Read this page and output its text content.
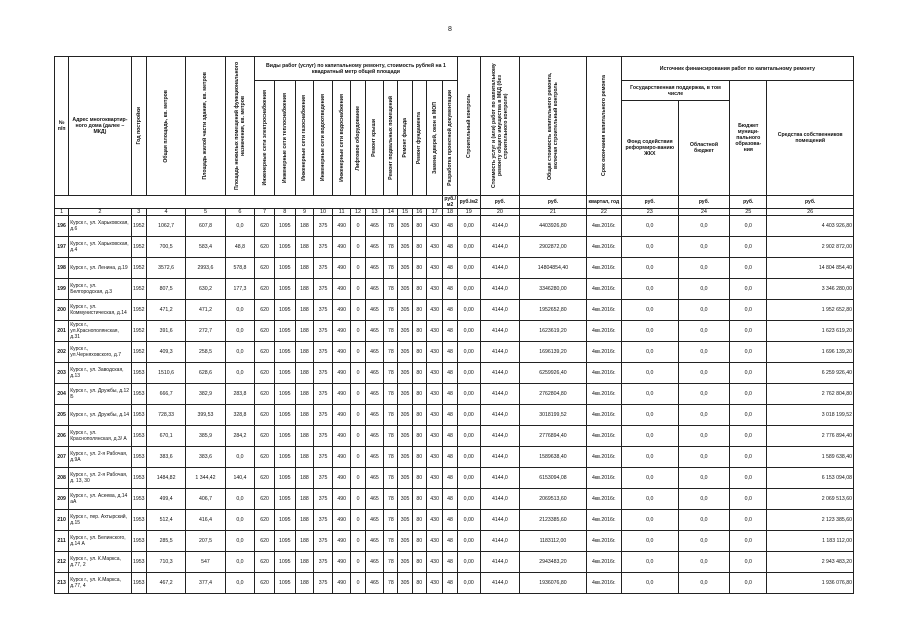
8
№ п/п	Адрес многоквартир-ного дома (далее – МКД)	Год постройки	Общая площадь, кв. метров	Площадь жилой части здания, кв. метров	Площадь нежилых помещений функционального назначения, кв. метров	Виды работ (услуг) по капитальному ремонту, стоимость рублей на 1 квадратный метр общей площади												Строительный контроль	Стоимость услуг и (или) работ по капитальному ремонту общего имущества в МКД (без строительного контроля)	Общая стоимость капитального ремонта, включая строительный контроль	Срок окончания капитального ремонта	Источник финансирования работ по капитальному ремонту			

						Инженерные сети электроснабжения	Инженерные сети теплоснабжения	Инженерные сети газоснабжения	Инженерные сети водоотведения	Инженерные сети водоснабжения	Лифтовое оборудование	Ремонт крыши	Ремонт подвальных помещений	Ремонт фасада	Ремонт фундамента	Замена дверей, окон в МОП	Разработка проектной документации					Государственная поддержка, в том числе		Бюджет муници-пального образова-ния	Средства собственников помещений
																						Фонд содействия реформиро-ванию ЖКХ	Областной бюджет		
																	руб./м2	руб./м2	руб.	руб.	квартал, год	руб.	руб.	руб.	руб.
1	2	3	4	5	6	7	8	9	10	11	12	13	14	15	16	17	18	19	20	21	22	23	24	25	26
196	Курск г., ул. Харьковская, д.6	1952	1062,7	607,8	0,0	620	1095	188	375	490	0	465	78	305	80	430	48	0,00	4144,0	4403926,80	4кв.2016г.	0,0	0,0	0,0	4 403 926,80
197	Курск г., ул. Харьковская, д.4	1952	700,5	583,4	48,8	620	1095	188	375	490	0	465	78	305	80	430	48	0,00	4144,0	2902872,00	4кв.2016г.	0,0	0,0	0,0	2 902 872,00
198	Курск г., ул. Ленина, д.19	1952	3572,6	2993,6	578,8	620	1095	188	375	490	0	465	78	305	80	430	48	0,00	4144,0	14804854,40	4кв.2016г.	0,0	0,0	0,0	14 804 854,40
199	Курск г., ул. Белгородская, д.3	1952	807,5	630,2	177,3	620	1095	188	375	490	0	465	78	305	80	430	48	0,00	4144,0	3346280,00	4кв.2016г.	0,0	0,0	0,0	3 346 280,00
200	Курск г., ул. Коммунистическая, д.14	1952	471,2	471,2	0,0	620	1095	188	375	490	0	465	78	305	80	430	48	0,00	4144,0	1952652,80	4кв.2016г.	0,0	0,0	0,0	1 952 652,80
201	Курск г., ул.Краснополянская, д.31	1952	391,6	272,7	0,0	620	1095	188	375	490	0	465	78	305	80	430	48	0,00	4144,0	1623619,20	4кв.2016г.	0,0	0,0	0,0	1 623 619,20
202	Курск г., ул.Черняховского, д.7	1952	409,3	258,5	0,0	620	1095	188	375	490	0	465	78	305	80	430	48	0,00	4144,0	1696139,20	4кв.2016г.	0,0	0,0	0,0	1 696 139,20
203	Курск г., ул. Заводская, д.13	1953	1510,6	628,6	0,0	620	1095	188	375	490	0	465	78	305	80	430	48	0,00	4144,0	6259926,40	4кв.2016г.	0,0	0,0	0,0	6 259 926,40
204	Курск г., ул. Дружбы, д.12 Б	1953	666,7	382,9	283,8	620	1095	188	375	490	0	465	78	305	80	430	48	0,00	4144,0	2762804,80	4кв.2016г.	0,0	0,0	0,0	2 762 804,80
205	Курск г., ул. Дружбы, д.14	1953	728,33	399,53	328,8	620	1095	188	375	490	0	465	78	305	80	430	48	0,00	4144,0	3018199,52	4кв.2016г.	0,0	0,0	0,0	3 018 199,52
206	Курск г., ул. Краснополянская, д.3/ А	1953	670,1	385,9	284,2	620	1095	188	375	490	0	465	78	305	80	430	48	0,00	4144,0	2776894,40	4кв.2016г.	0,0	0,0	0,0	2 776 894,40
207	Курск г., ул. 2-я Рабочая, д.9А	1953	383,6	383,6	0,0	620	1095	188	375	490	0	465	78	305	80	430	48	0,00	4144,0	1589638,40	4кв.2016г.	0,0	0,0	0,0	1 589 638,40
208	Курск г., ул. 2-я Рабочая, д. 13, 30	1953	1484,82	1 344,42	140,4	620	1095	188	375	490	0	465	78	305	80	430	48	0,00	4144,0	6153094,08	4кв.2016г.	0,0	0,0	0,0	6 153 094,08
209	Курск г., ул. Асеева, д.14 аА	1953	499,4	406,7	0,0	620	1095	188	375	490	0	465	78	305	80	430	48	0,00	4144,0	2069513,60	4кв.2016г.	0,0	0,0	0,0	2 069 513,60
210	Курск г., пер. Ахтырский, д.15	1953	512,4	416,4	0,0	620	1095	188	375	490	0	465	78	305	80	430	48	0,00	4144,0	2123385,60	4кв.2016г.	0,0	0,0	0,0	2 123 385,60
211	Курск г., ул. Белинского, д.14 А	1953	285,5	207,5	0,0	620	1095	188	375	490	0	465	78	305	80	430	48	0,00	4144,0	1183112,00	4кв.2016г.	0,0	0,0	0,0	1 183 112,00
212	Курск г., ул. К.Маркса, д.77, 2	1953	710,3	547	0,0	620	1095	188	375	490	0	465	78	305	80	430	48	0,00	4144,0	2943483,20	4кв.2016г.	0,0	0,0	0,0	2 943 483,20
213	Курск г., ул. К.Маркса, д.77, 4	1953	467,2	377,4	0,0	620	1095	188	375	490	0	465	78	305	80	430	48	0,00	4144,0	1936076,80	4кв.2016г.	0,0	0,0	0,0	1 936 076,80
